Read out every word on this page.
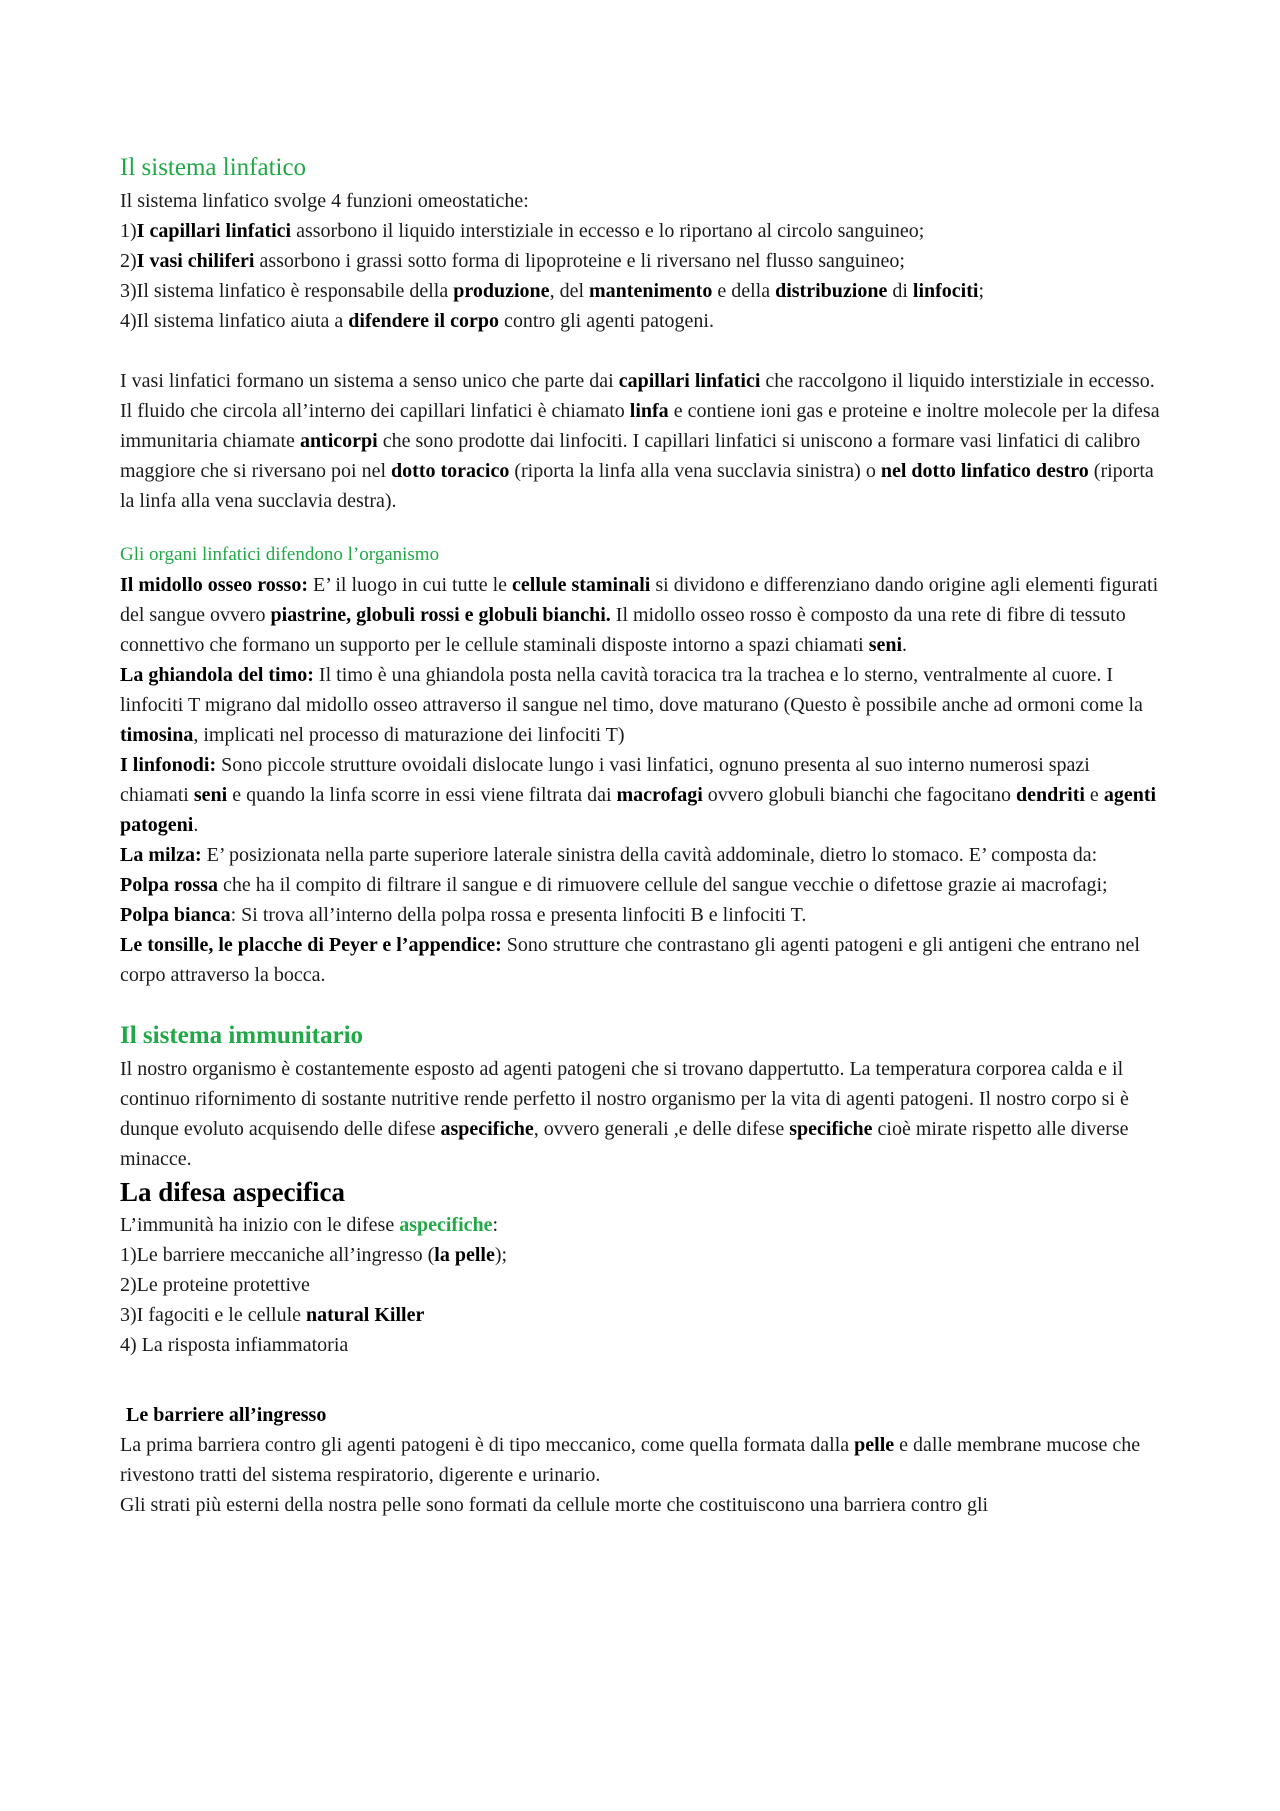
Il sistema linfatico

Il sistema linfatico svolge 4 funzioni omeostatiche:

1)I capillari linfatici assorbono il liquido interstiziale in eccesso e lo riportano al circolo sanguineo;

2)I vasi chiliferi assorbono i grassi sotto forma di lipoproteine e li riversano nel flusso sanguineo;

3)Il sistema linfatico è responsabile della produzione, del mantenimento e della distribuzione di linfociti;

4)Il sistema linfatico aiuta a difendere il corpo contro gli agenti patogeni.

I vasi linfatici formano un sistema a senso unico che parte dai capillari linfatici che raccolgono il liquido interstiziale in eccesso. Il fluido che circola all’interno dei capillari linfatici è chiamato linfa e contiene ioni gas e proteine e inoltre molecole per la difesa immunitaria chiamate anticorpi che sono prodotte dai linfociti. I capillari linfatici si uniscono a formare vasi linfatici di calibro maggiore che si riversano poi nel dotto toracico (riporta la linfa alla vena succlavia sinistra) o nel dotto linfatico destro (riporta la linfa alla vena succlavia destra).

Gli organi linfatici difendono l’organismo

Il midollo osseo rosso: E’ il luogo in cui tutte le cellule staminali si dividono e differenziano dando origine agli elementi figurati del sangue ovvero piastrine, globuli rossi e globuli bianchi. Il midollo osseo rosso è composto da una rete di fibre di tessuto connettivo che formano un supporto per le cellule staminali disposte intorno a spazi chiamati seni.

La ghiandola del timo: Il timo è una ghiandola posta nella cavità toracica tra la trachea e lo sterno, ventralmente al cuore. I linfociti T migrano dal midollo osseo attraverso il sangue nel timo, dove maturano (Questo è possibile anche ad ormoni come la timosina, implicati nel processo di maturazione dei linfociti T)

I linfonodi: Sono piccole strutture ovoidali dislocate lungo i vasi linfatici, ognuno presenta al suo interno numerosi spazi chiamati seni e quando la linfa scorre in essi viene filtrata dai macrofagi ovvero globuli bianchi che fagocitano dendriti e agenti patogeni.

La milza: E’ posizionata nella parte superiore laterale sinistra della cavità addominale, dietro lo stomaco. E’ composta da:

Polpa rossa che ha il compito di filtrare il sangue e di rimuovere cellule del sangue vecchie o difettose grazie ai macrofagi;

Polpa bianca: Si trova all’interno della polpa rossa e presenta linfociti B e linfociti T.

Le tonsille, le placche di Peyer e l’appendice: Sono strutture che contrastano gli agenti patogeni e gli antigeni che entrano nel corpo attraverso la bocca.

Il sistema immunitario

Il nostro organismo è costantemente esposto ad agenti patogeni che si trovano dappertutto. La temperatura corporea calda e il continuo rifornimento di sostante nutritive rende perfetto il nostro organismo per la vita di agenti patogeni. Il nostro corpo si è dunque evoluto acquisendo delle difese aspecifiche, ovvero generali ,e delle difese specifiche cioè mirate rispetto alle diverse minacce.

La difesa aspecifica

L’immunità ha inizio con le difese aspecifiche:

1)Le barriere meccaniche all’ingresso (la pelle);

2)Le proteine protettive

3)I fagociti e le cellule natural Killer

4) La risposta infiammatoria

Le barriere all’ingresso

La prima barriera contro gli agenti patogeni è di tipo meccanico, come quella formata dalla pelle e dalle membrane mucose che rivestono tratti del sistema respiratorio, digerente e urinario.

Gli strati più esterni della nostra pelle sono formati da cellule morte che costituiscono una barriera contro gli
